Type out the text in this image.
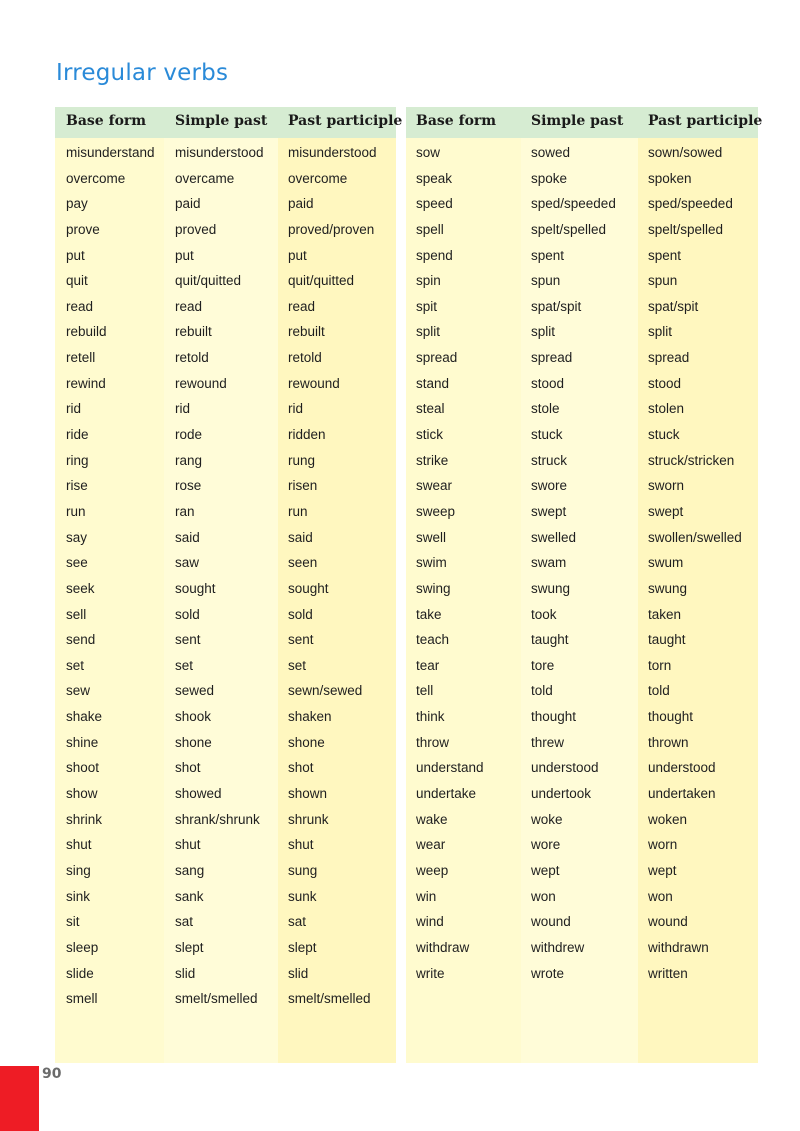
Irregular verbs
Base form Simple past Past participle
misunderstand misunderstood misunderstood
overcome	overcame	overcome
pay	paid	paid
prove	proved	proved/proven
put	put	put
quit	quit/quitted	quit/quitted
read	read	read
rebuild	rebuilt	rebuilt
retell	retold	retold
rewind	rewound	rewound
rid	rid	rid
ride	rode	ridden
ring	rang	rung
rise	rose	risen
run	ran	run
say	said	said
see	saw	seen
seek	sought	sought
sell	sold	sold
send	sent	sent
set	set	set
sew	sewed	sewn/sewed
shake	shook	shaken
shine	shone	shone
shoot	shot	shot
show	showed	shown
shrink	shrank/shrunk shrunk
shut	shut	shut
sing	sang	sung
sink	sank	sunk
sit	sat	sat
sleep	slept	slept
slide	slid	slid
smell	smelt/smelled smelt/smelled
Base form Simple past Past participle
sow	sowed	sown/sowed
speak	spoke	spoken
speed	sped/speeded sped/speeded
spell	spelt/spelled	spelt/spelled
spend	spent	spent
spin	spun	spun
spit	spat/spit	spat/spit
split	split	split
spread	spread	spread
stand	stood	stood
steal	stole	stolen
stick	stuck	stuck
strike	struck	struck/stricken
swear	swore	sworn
sweep	swept	swept
swell	swelled	swollen/swelled
swim	swam	swum
swing	swung	swung
take	took	taken
teach	taught	taught
tear	tore	torn
tell	told	told
think	thought	thought
throw	threw	thrown
understand	understood	understood
undertake	undertook	undertaken
wake	woke	woken
wear	wore	worn
weep	wept	wept
win	won	won
wind	wound	wound
withdraw	withdrew	withdrawn
write	wrote	written
90
